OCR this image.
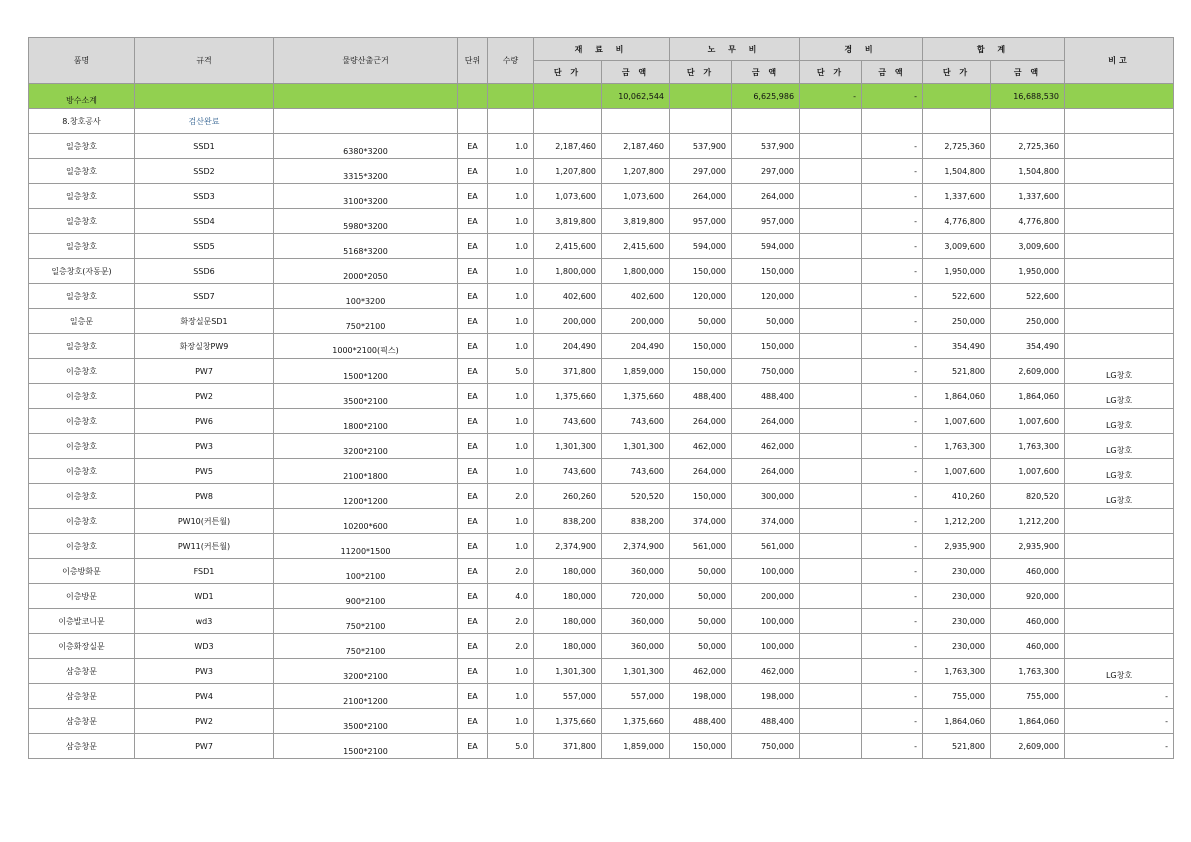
품명	규격	물량산출근거	단위	수량	재 료 비		노 무 비		경 비		합 계		비고
					단 가	금 액	단 가	금 액	단 가	금 액	단 가	금 액	
방수소계						10,062,544		6,625,986	-	-		16,688,530	
8.창호공사	검산완료												
일층창호	SSD1	6380*3200	EA	1.0	2,187,460	2,187,460	537,900	537,900		-	2,725,360	2,725,360	
일층창호	SSD2	3315*3200	EA	1.0	1,207,800	1,207,800	297,000	297,000		-	1,504,800	1,504,800	
일층창호	SSD3	3100*3200	EA	1.0	1,073,600	1,073,600	264,000	264,000		-	1,337,600	1,337,600	
일층창호	SSD4	5980*3200	EA	1.0	3,819,800	3,819,800	957,000	957,000		-	4,776,800	4,776,800	
일층창호	SSD5	5168*3200	EA	1.0	2,415,600	2,415,600	594,000	594,000		-	3,009,600	3,009,600	
일층창호(자동문)	SSD6	2000*2050	EA	1.0	1,800,000	1,800,000	150,000	150,000		-	1,950,000	1,950,000	
일층창호	SSD7	100*3200	EA	1.0	402,600	402,600	120,000	120,000		-	522,600	522,600	
일층문	화장실문SD1	750*2100	EA	1.0	200,000	200,000	50,000	50,000		-	250,000	250,000	
일층창호	화장실창PW9	1000*2100(픽스)	EA	1.0	204,490	204,490	150,000	150,000		-	354,490	354,490	
이층창호	PW7	1500*1200	EA	5.0	371,800	1,859,000	150,000	750,000		-	521,800	2,609,000	LG창호
이층창호	PW2	3500*2100	EA	1.0	1,375,660	1,375,660	488,400	488,400		-	1,864,060	1,864,060	LG창호
이층창호	PW6	1800*2100	EA	1.0	743,600	743,600	264,000	264,000		-	1,007,600	1,007,600	LG창호
이층창호	PW3	3200*2100	EA	1.0	1,301,300	1,301,300	462,000	462,000		-	1,763,300	1,763,300	LG창호
이층창호	PW5	2100*1800	EA	1.0	743,600	743,600	264,000	264,000		-	1,007,600	1,007,600	LG창호
이층창호	PW8	1200*1200	EA	2.0	260,260	520,520	150,000	300,000		-	410,260	820,520	LG창호
이층창호	PW10(커튼월)	10200*600	EA	1.0	838,200	838,200	374,000	374,000		-	1,212,200	1,212,200	
이층창호	PW11(커튼월)	11200*1500	EA	1.0	2,374,900	2,374,900	561,000	561,000		-	2,935,900	2,935,900	
이층방화문	FSD1	100*2100	EA	2.0	180,000	360,000	50,000	100,000		-	230,000	460,000	
이층방문	WD1	900*2100	EA	4.0	180,000	720,000	50,000	200,000		-	230,000	920,000	
이층발코니문	wd3	750*2100	EA	2.0	180,000	360,000	50,000	100,000		-	230,000	460,000	
이층화장실문	WD3	750*2100	EA	2.0	180,000	360,000	50,000	100,000		-	230,000	460,000	
삼층창문	PW3	3200*2100	EA	1.0	1,301,300	1,301,300	462,000	462,000		-	1,763,300	1,763,300	LG창호
삼층창문	PW4	2100*1200	EA	1.0	557,000	557,000	198,000	198,000		-	755,000	755,000	-
삼층창문	PW2	3500*2100	EA	1.0	1,375,660	1,375,660	488,400	488,400		-	1,864,060	1,864,060	-
삼층창문	PW7	1500*2100	EA	5.0	371,800	1,859,000	150,000	750,000		-	521,800	2,609,000	-
